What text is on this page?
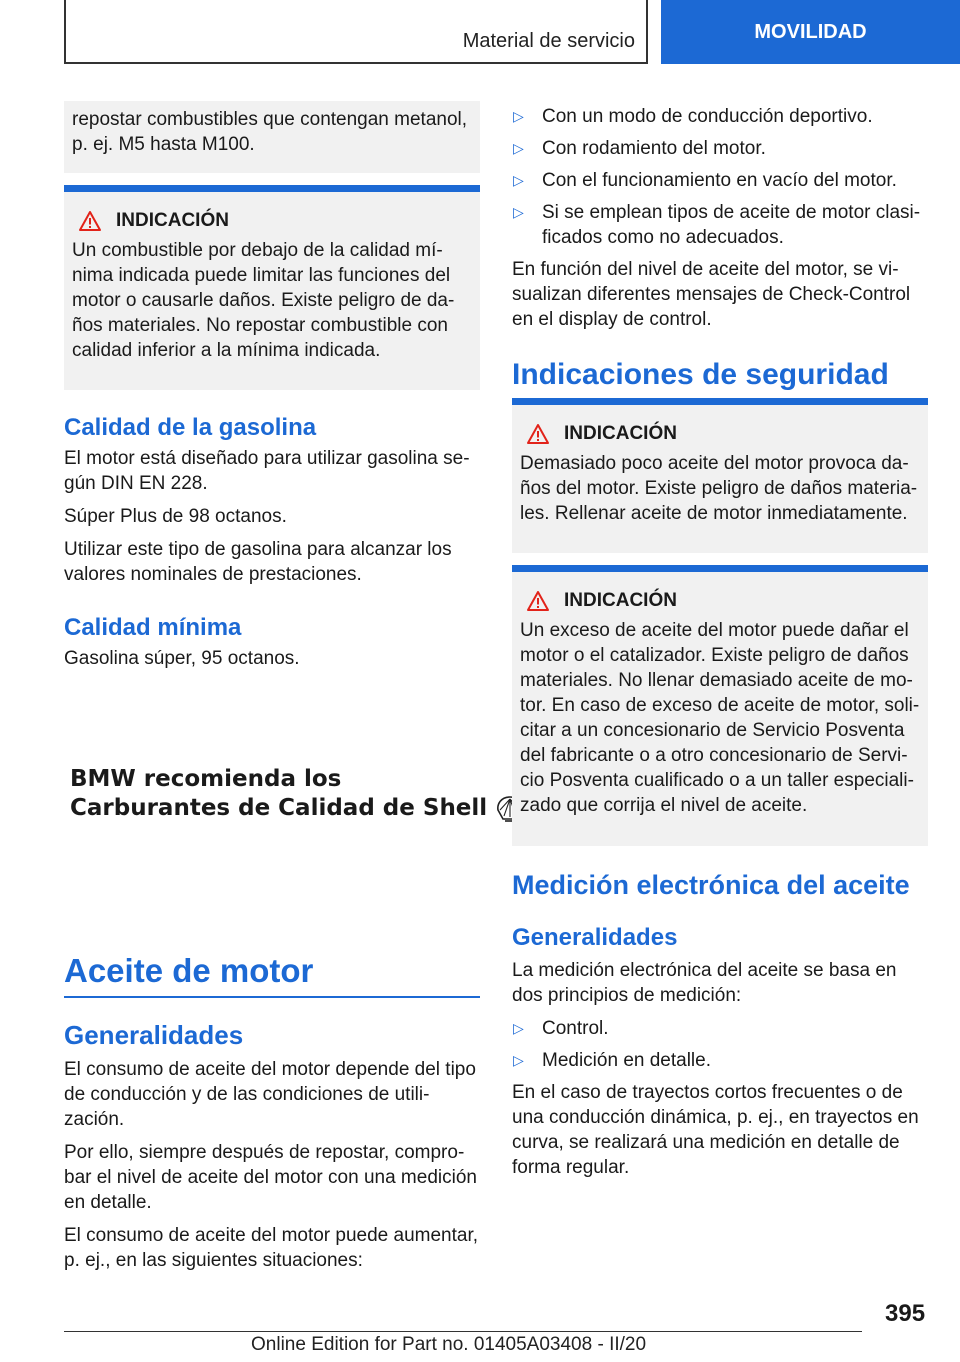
Material de servicio	MOVILIDAD

repostar combustibles que contengan metanol, p. ej. M5 hasta M100.

INDICACIÓN

Un combustible por debajo de la calidad mínima indicada puede limitar las funciones del motor o causarle daños. Existe peligro de daños materiales. No repostar combustible con calidad inferior a la mínima indicada.

Calidad de la gasolina

El motor está diseñado para utilizar gasolina según DIN EN 228.

Súper Plus de 98 octanos.

Utilizar este tipo de gasolina para alcanzar los valores nominales de prestaciones.

Calidad mínima

Gasolina súper, 95 octanos.

BMW recomienda los
Carburantes de Calidad de Shell
Aceite de motor
Generalidades

El consumo de aceite del motor depende del tipo de conducción y de las condiciones de utilización.

Por ello, siempre después de repostar, comprobar el nivel de aceite del motor con una medición en detalle.

El consumo de aceite del motor puede aumentar, p. ej., en las siguientes situaciones:

▷ Con un modo de conducción deportivo.
▷ Con rodamiento del motor.
▷ Con el funcionamiento en vacío del motor.
▷ Si se emplean tipos de aceite de motor clasificados como no adecuados.

En función del nivel de aceite del motor, se visualizan diferentes mensajes de Check-Control en el display de control.

Indicaciones de seguridad
INDICACIÓN

Demasiado poco aceite del motor provoca daños del motor. Existe peligro de daños materiales. Rellenar aceite de motor inmediatamente.

INDICACIÓN

Un exceso de aceite del motor puede dañar el motor o el catalizador. Existe peligro de daños materiales. No llenar demasiado aceite de motor. En caso de exceso de aceite de motor, solicitar a un concesionario de Servicio Posventa del fabricante o a otro concesionario de Servicio Posventa cualificado o a un taller especializado que corrija el nivel de aceite.

Medición electrónica del aceite
Generalidades

La medición electrónica del aceite se basa en dos principios de medición:

▷ Control.
▷ Medición en detalle.

En el caso de trayectos cortos frecuentes o de una conducción dinámica, p. ej., en trayectos en curva, se realizará una medición en detalle de forma regular.

395
Online Edition for Part no. 01405A03408 - II/20
